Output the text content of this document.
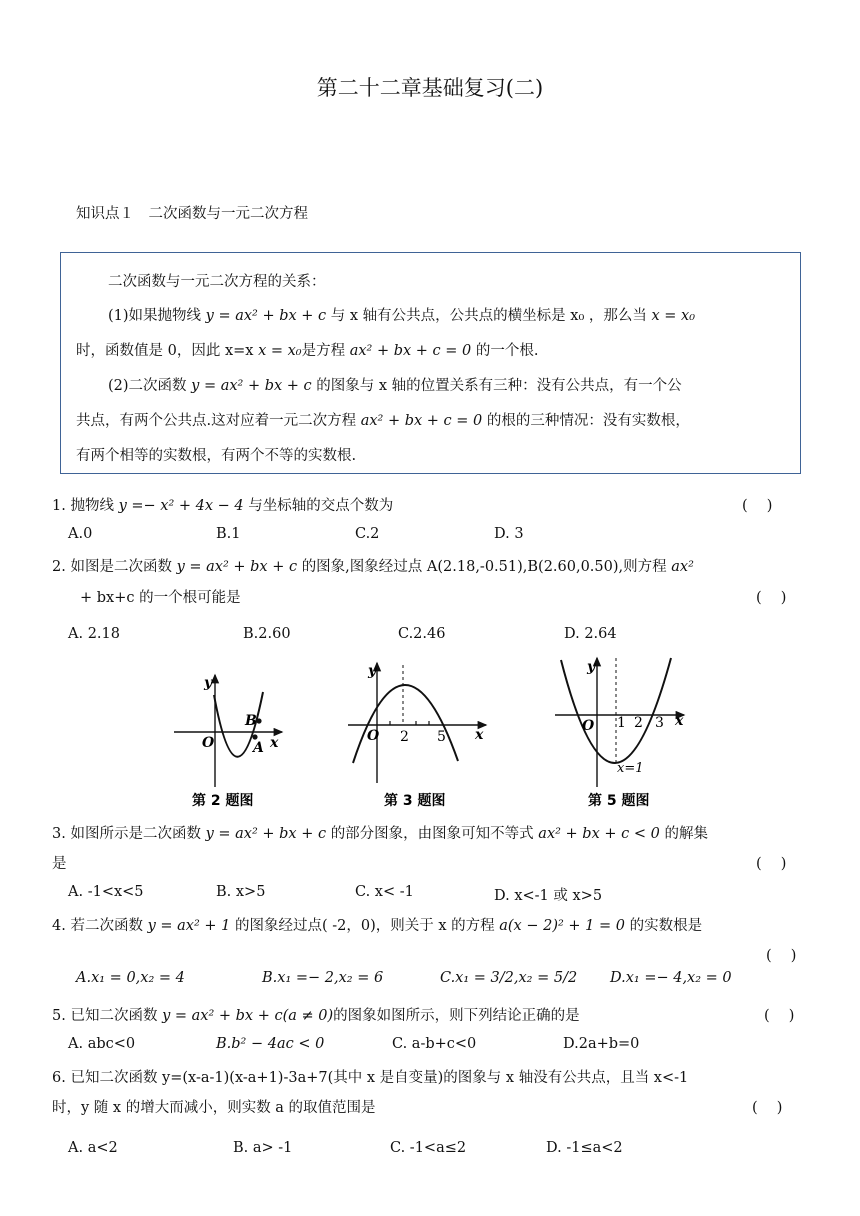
第二十二章基础复习(二)
知识点１　二次函数与一元二次方程
二次函数与一元二次方程的关系：
(1)如果抛物线 y = ax² + bx + c 与 x 轴有公共点，公共点的横坐标是 x₀ ，那么当 x = x₀
时，函数值是 0，因此 x=x x = x₀是方程 ax² + bx + c = 0 的一个根.
(2)二次函数 y = ax² + bx + c 的图象与 x 轴的位置关系有三种：没有公共点，有一个公
共点，有两个公共点.这对应着一元二次方程 ax² + bx + c = 0 的根的三种情况：没有实数根，
有两个相等的实数根，有两个不等的实数根.
1. 抛物线 y =− x² + 4x − 4 与坐标轴的交点个数为	(　 )
A.0	B.1	C.2	D. 3
2. 如图是二次函数 y = ax² + bx + c 的图象,图象经过点 A(2.18,-0.51),B(2.60,0.50),则方程 ax²
+ bx+c 的一个根可能是	(　 )
A. 2.18	B.2.60	C.2.46	D. 2.64
y
O	x
B
A
第 2 题图
y
O 2 5 x
第 3 题图
y
O 1 2 3 x
x=1
第 5 题图
3. 如图所示是二次函数 y = ax² + bx + c 的部分图象，由图象可知不等式 ax² + bx + c < 0 的解集
是	(　 )
A. -1<x<5	B. x>5	C. x< -1	D. x<-1 或 x>5
4. 若二次函数 y = ax² + 1 的图象经过点( -2，0)，则关于 x 的方程 a(x − 2)² + 1 = 0 的实数根是
(　 )
A.x₁ = 0,x₂ = 4	B.x₁ =− 2,x₂ = 6	C.x₁ = 3/2,x₂ = 5/2 D.x₁ =− 4,x₂ = 0
5. 已知二次函数 y = ax² + bx + c(a ≠ 0)的图象如图所示，则下列结论正确的是	(　 )
A. abc<0	B.b² − 4ac < 0	C. a-b+c<0	D.2a+b=0
6. 已知二次函数 y=(x-a-1)(x-a+1)-3a+7(其中 x 是自变量)的图象与 x 轴没有公共点，且当 x<-1
时，y 随 x 的增大而减小，则实数 a 的取值范围是	(　 )
A. a<2	B. a> -1	C. -1<a≤2	D. -1≤a<2
